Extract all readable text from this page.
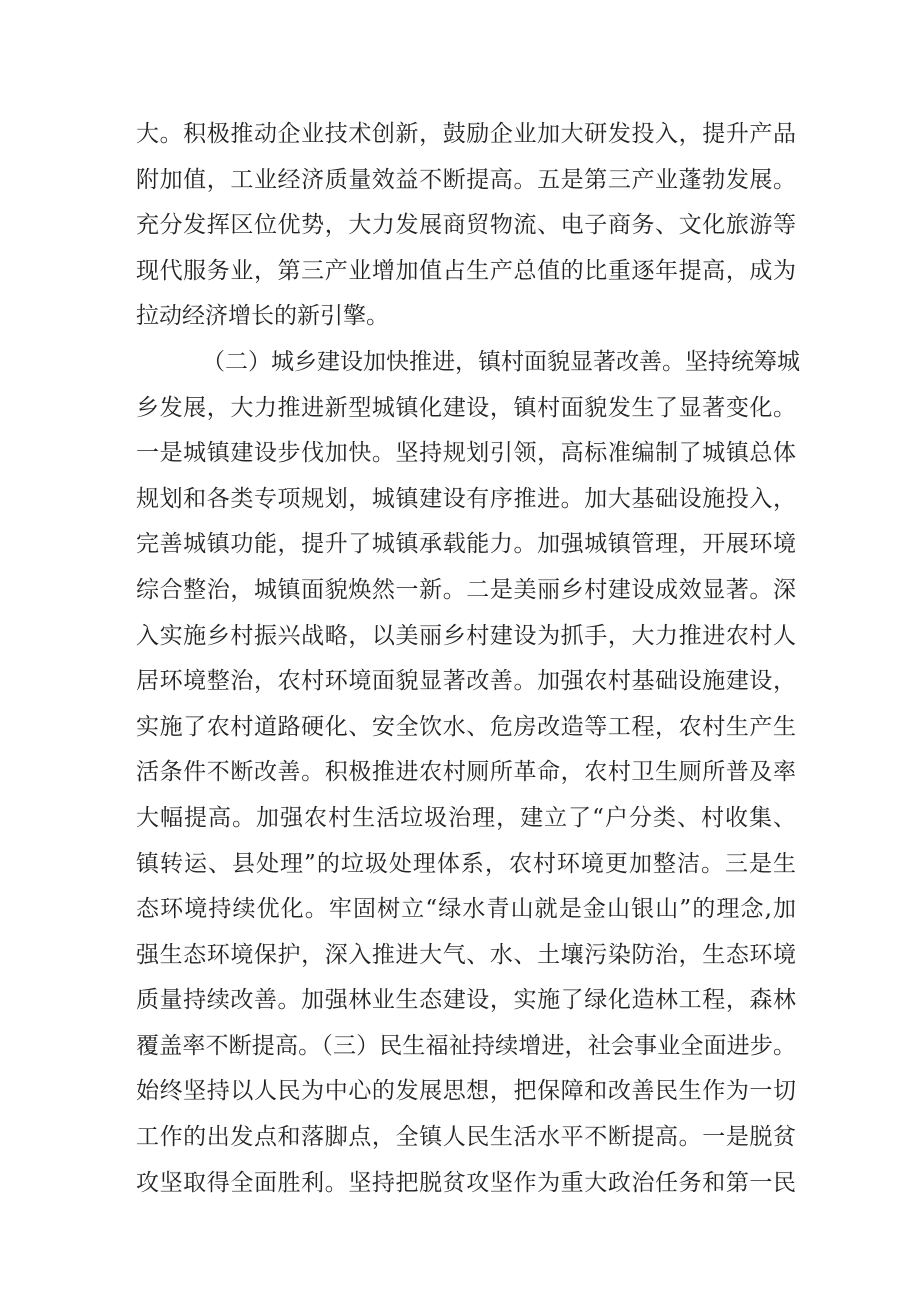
大。积极推动企业技术创新，鼓励企业加大研发投入，提升产品
附加值，工业经济质量效益不断提高。五是第三产业蓬勃发展。
充分发挥区位优势，大力发展商贸物流、电子商务、文化旅游等
现代服务业，第三产业增加值占生产总值的比重逐年提高，成为
拉动经济增长的新引擎。
（二）城乡建设加快推进，镇村面貌显著改善。坚持统筹城
乡发展，大力推进新型城镇化建设，镇村面貌发生了显著变化。
一是城镇建设步伐加快。坚持规划引领，高标准编制了城镇总体
规划和各类专项规划，城镇建设有序推进。加大基础设施投入，
完善城镇功能，提升了城镇承载能力。加强城镇管理，开展环境
综合整治，城镇面貌焕然一新。二是美丽乡村建设成效显著。深
入实施乡村振兴战略，以美丽乡村建设为抓手，大力推进农村人
居环境整治，农村环境面貌显著改善。加强农村基础设施建设，
实施了农村道路硬化、安全饮水、危房改造等工程，农村生产生
活条件不断改善。积极推进农村厕所革命，农村卫生厕所普及率
大幅提高。加强农村生活垃圾治理，建立了“户分类、村收集、
镇转运、县处理”的垃圾处理体系，农村环境更加整洁。三是生
态环境持续优化。牢固树立“绿水青山就是金山银山”的理念,加
强生态环境保护，深入推进大气、水、土壤污染防治，生态环境
质量持续改善。加强林业生态建设，实施了绿化造林工程，森林
覆盖率不断提高。（三）民生福祉持续增进，社会事业全面进步。
始终坚持以人民为中心的发展思想，把保障和改善民生作为一切
工作的出发点和落脚点，全镇人民生活水平不断提高。一是脱贫
攻坚取得全面胜利。坚持把脱贫攻坚作为重大政治任务和第一民
